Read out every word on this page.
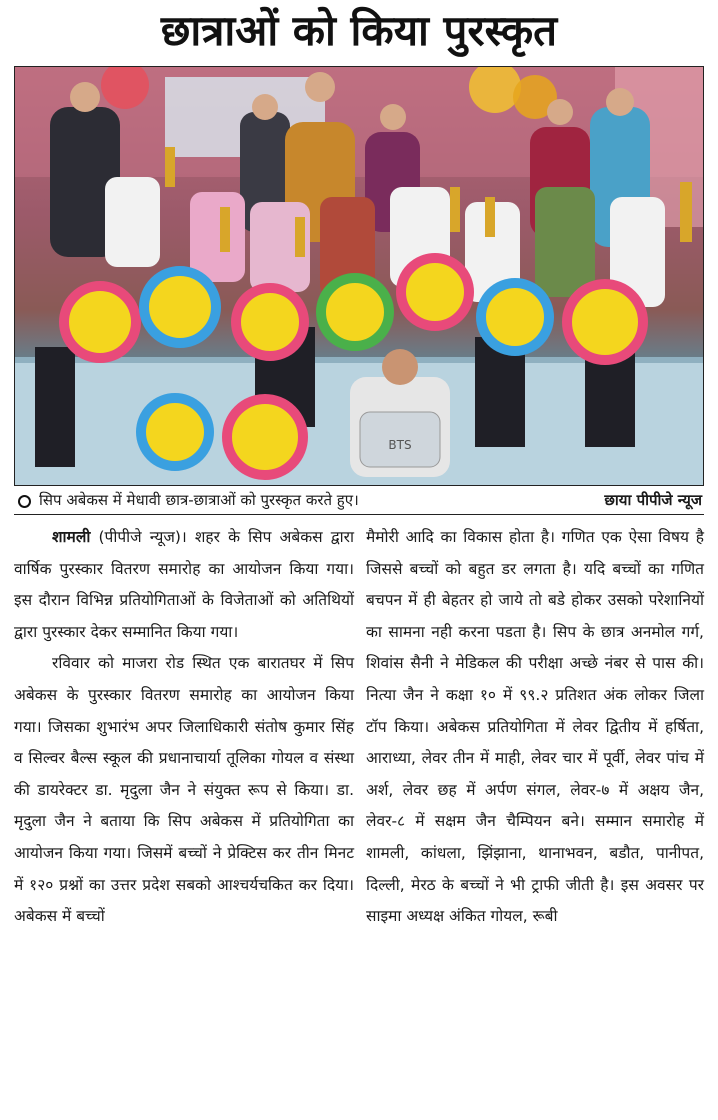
छात्राओं को किया पुरस्कृत
BTS
सिप अबेकस में मेधावी छात्र-छात्राओं को पुरस्कृत करते हुए।	छाया पीपीजे न्यूज

शामली (पीपीजे न्यूज)। शहर के सिप अबेकस द्वारा वार्षिक पुरस्कार वितरण समारोह का आयोजन किया गया। इस दौरान विभिन्न प्रतियोगिताओं के विजेताओं को अतिथियों द्वारा पुरस्कार देकर सम्मानित किया गया।

रविवार को माजरा रोड स्थित एक बारातघर में सिप अबेकस के पुरस्कार वितरण समारोह का आयोजन किया गया। जिसका शुभारंभ अपर जिलाधिकारी संतोष कुमार सिंह व सिल्वर बैल्स स्कूल की प्रधानाचार्या तूलिका गोयल व संस्था की डायरेक्टर डा. मृदुला जैन ने संयुक्त रूप से किया। डा. मृदुला जैन ने बताया कि सिप अबेकस में प्रतियोगिता का आयोजन किया गया। जिसमें बच्चों ने प्रेक्टिस कर तीन मिनट में १२० प्रश्नों का उत्तर प्रदेश सबको आश्चर्यचकित कर दिया। अबेकस में बच्चों

मैमोरी आदि का विकास होता है। गणित एक ऐसा विषय है जिससे बच्चों को बहुत डर लगता है। यदि बच्चों का गणित बचपन में ही बेहतर हो जाये तो बडे होकर उसको परेशानियों का सामना नही करना पडता है। सिप के छात्र अनमोल गर्ग, शिवांस सैनी ने मेडिकल की परीक्षा अच्छे नंबर से पास की। नित्या जैन ने कक्षा १० में ९९.२ प्रतिशत अंक लोकर जिला टॉप किया। अबेकस प्रतियोगिता में लेवर द्वितीय में हर्षिता, आराध्या, लेवर तीन में माही, लेवर चार में पूर्वी, लेवर पांच में अर्श, लेवर छह में अर्पण संगल, लेवर-७ में अक्षय जैन, लेवर-८ में सक्षम जैन चैम्पियन बने। सम्मान समारोह में शामली, कांधला, झिंझाना, थानाभवन, बडौत, पानीपत, दिल्ली, मेरठ के बच्चों ने भी ट्राफी जीती है। इस अवसर पर साइमा अध्यक्ष अंकित गोयल, रूबी
